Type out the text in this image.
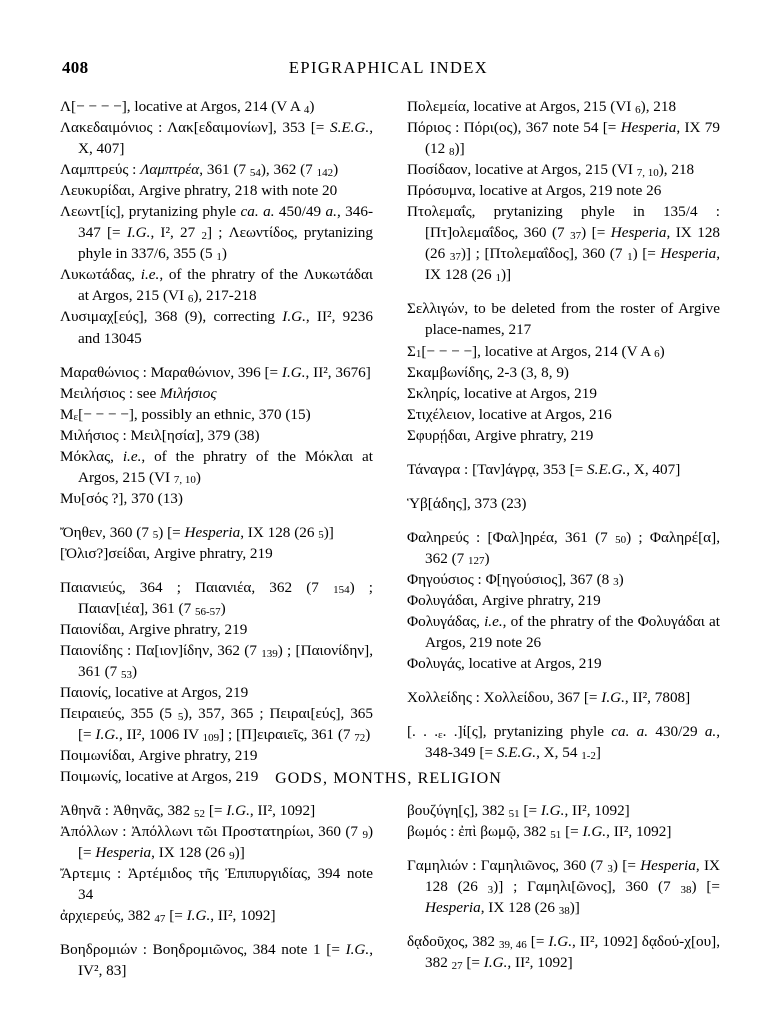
408	EPIGRAPHICAL INDEX
Λ[− − − −], locative at Argos, 214 (V A 4)
Λακεδαιμόνιος : Λακ[εδαιμονίων], 353 [= S.E.G., X, 407]
Λαμπτρεύς : Λαμπτρέα, 361 (7 54), 362 (7 142)
Λευκυρίδαι, Argive phratry, 218 with note 20
Λεωντ[ίς], prytanizing phyle ca. a. 450/49 a., 346-347 [= I.G., I², 27 2] ; Λεωντίδος, prytanizing phyle in 337/6, 355 (5 1)
Λυκωτάδας, i.e., of the phratry of the Λυκωτάδαι at Argos, 215 (VI 6), 217-218
Λυσιμαχ[εύς], 368 (9), correcting I.G., II², 9236 and 13045
Μαραθώνιος : Μαραθώνιον, 396 [= I.G., II², 3676]
Μειλήσιος : see Μιλήσιος
Με[− − − −], possibly an ethnic, 370 (15)
Μιλήσιος : Μειλ[ησία], 379 (38)
Μόκλας, i.e., of the phratry of the Μόκλαι at Argos, 215 (VI 7, 10)
Μυ[σός ?], 370 (13)
Ὄηθεν, 360 (7 5) [= Hesperia, IX 128 (26 5)]
[Ὀλισ?]σείδαι, Argive phratry, 219
Παιανιεύς, 364 ; Παιανιέα, 362 (7 154) ; Παιαν[ιέα], 361 (7 56-57)
Παιονίδαι, Argive phratry, 219
Παιονίδης : Πα[ιον]ίδην, 362 (7 139) ; [Παιονίδην], 361 (7 53)
Παιονίς, locative at Argos, 219
Πειραιεύς, 355 (5 5), 357, 365 ; Πειραι[εύς], 365 [= I.G., II², 1006 IV 109] ; [Π]ειραιεῖς, 361 (7 72)
Ποιμωνίδαι, Argive phratry, 219
Ποιμωνίς, locative at Argos, 219
Πολεμεία, locative at Argos, 215 (VI 6), 218
Πόριος : Πόρι(ος), 367 note 54 [= Hesperia, IX 79 (12 8)]
Ποσίδαον, locative at Argos, 215 (VI 7, 10), 218
Πρόσυμνα, locative at Argos, 219 note 26
Πτολεμαΐς, prytanizing phyle in 135/4 : [Πτ]ολεμαΐδος, 360 (7 37) [= Hesperia, IX 128 (26 37)] ; [Πτολεμαΐδος], 360 (7 1) [= Hesperia, IX 128 (26 1)]
Σελλιγών, to be deleted from the roster of Argive place-names, 217
Σ1[− − − −], locative at Argos, 214 (V A 6)
Σκαμβωνίδης, 2-3 (3, 8, 9)
Σκληρίς, locative at Argos, 219
Στιχέλειον, locative at Argos, 216
Σφυρῄδαι, Argive phratry, 219
Τάναγρα : [Ταν]άγρᾳ, 353 [= S.E.G., X, 407]
Ὑβ[άδης], 373 (23)
Φαληρεύς : [Φαλ]ηρέα, 361 (7 50) ; Φαληρέ[α], 362 (7 127)
Φηγούσιος : Φ[ηγούσιος], 367 (8 3)
Φολυγάδαι, Argive phratry, 219
Φολυγάδας, i.e., of the phratry of the Φολυγάδαι at Argos, 219 note 26
Φολυγάς, locative at Argos, 219
Χολλείδης : Χολλείδου, 367 [= I.G., II², 7808]
[. . .ε. .]ί[ς], prytanizing phyle ca. a. 430/29 a., 348-349 [= S.E.G., X, 54 1-2]
GODS, MONTHS, RELIGION
Ἀθηνᾶ : Ἀθηνᾶς, 382 52 [= I.G., II², 1092]
Ἀπόλλων : Ἀπόλλωνι τῶι Προστατηρίωι, 360 (7 9) [= Hesperia, IX 128 (26 9)]
Ἄρτεμις : Ἀρτέμιδος τῆς Ἐπιπυργιδίας, 394 note 34
ἀρχιερεύς, 382 47 [= I.G., II², 1092]
Βοηδρομιών : Βοηδρομιῶνος, 384 note 1 [= I.G., IV², 83]
βουζύγη[ς], 382 51 [= I.G., II², 1092]
βωμός : ἐπὶ βωμῷ, 382 51 [= I.G., II², 1092]
Γαμηλιών : Γαμηλιῶνος, 360 (7 3) [= Hesperia, IX 128 (26 3)] ; Γαμηλι[ῶνος], 360 (7 38) [= Hesperia, IX 128 (26 38)]
δᾳδοῦχος, 382 39, 46 [= I.G., II², 1092] δᾳδού-χ[ου], 382 27 [= I.G., II², 1092]
